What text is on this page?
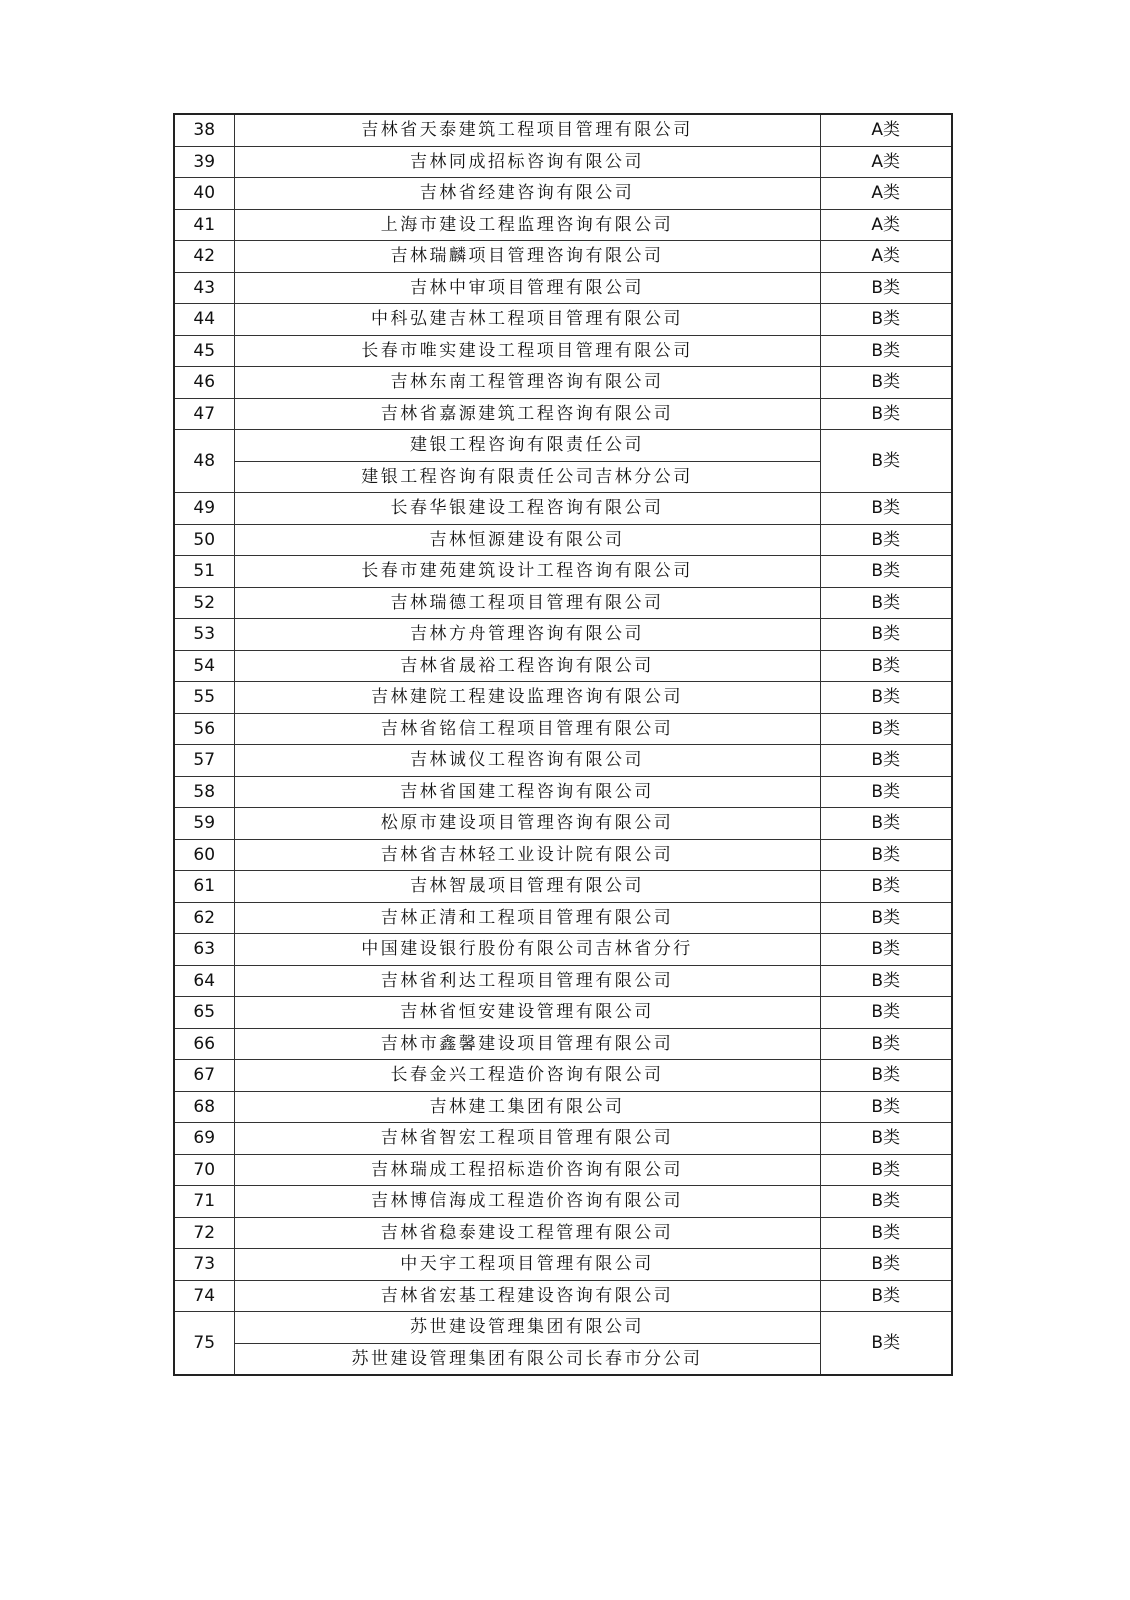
38	吉林省天泰建筑工程项目管理有限公司	A类
39	吉林同成招标咨询有限公司	A类
40	吉林省经建咨询有限公司	A类
41	上海市建设工程监理咨询有限公司	A类
42	吉林瑞麟项目管理咨询有限公司	A类
43	吉林中审项目管理有限公司	B类
44	中科弘建吉林工程项目管理有限公司	B类
45	长春市唯实建设工程项目管理有限公司	B类
46	吉林东南工程管理咨询有限公司	B类
47	吉林省嘉源建筑工程咨询有限公司	B类
48	建银工程咨询有限责任公司	B类
	建银工程咨询有限责任公司吉林分公司	
49	长春华银建设工程咨询有限公司	B类
50	吉林恒源建设有限公司	B类
51	长春市建苑建筑设计工程咨询有限公司	B类
52	吉林瑞德工程项目管理有限公司	B类
53	吉林方舟管理咨询有限公司	B类
54	吉林省晟裕工程咨询有限公司	B类
55	吉林建院工程建设监理咨询有限公司	B类
56	吉林省铭信工程项目管理有限公司	B类
57	吉林诚仪工程咨询有限公司	B类
58	吉林省国建工程咨询有限公司	B类
59	松原市建设项目管理咨询有限公司	B类
60	吉林省吉林轻工业设计院有限公司	B类
61	吉林智晟项目管理有限公司	B类
62	吉林正清和工程项目管理有限公司	B类
63	中国建设银行股份有限公司吉林省分行	B类
64	吉林省利达工程项目管理有限公司	B类
65	吉林省恒安建设管理有限公司	B类
66	吉林市鑫馨建设项目管理有限公司	B类
67	长春金兴工程造价咨询有限公司	B类
68	吉林建工集团有限公司	B类
69	吉林省智宏工程项目管理有限公司	B类
70	吉林瑞成工程招标造价咨询有限公司	B类
71	吉林博信海成工程造价咨询有限公司	B类
72	吉林省稳泰建设工程管理有限公司	B类
73	中天宇工程项目管理有限公司	B类
74	吉林省宏基工程建设咨询有限公司	B类
75	苏世建设管理集团有限公司	B类
	苏世建设管理集团有限公司长春市分公司	
